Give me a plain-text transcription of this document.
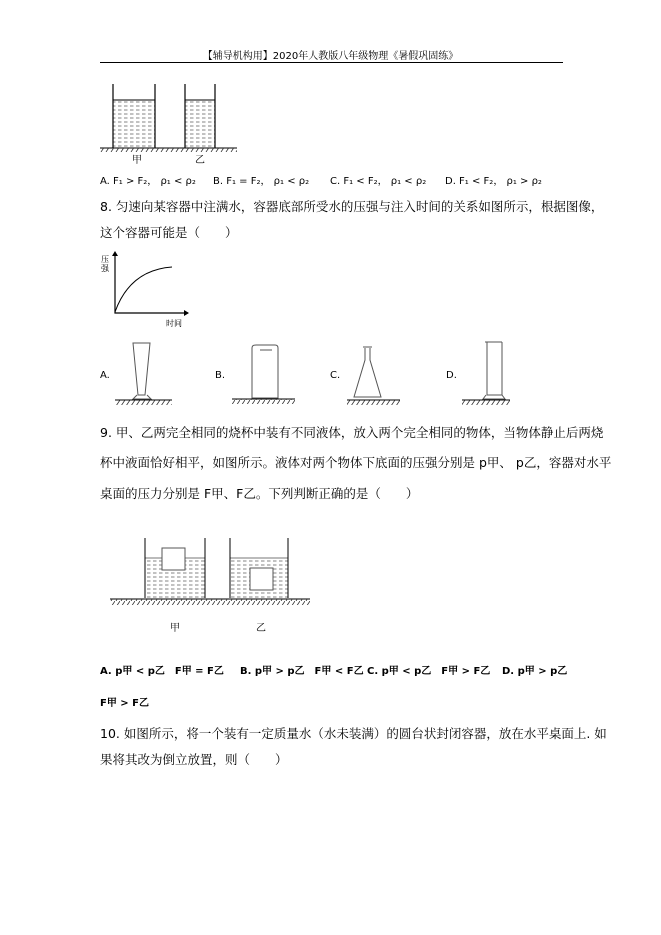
【辅导机构用】2020年人教版八年级物理《暑假巩固练》
甲	乙
A. F₁ > F₂， ρ₁ < ρ₂ B. F₁ = F₂， ρ₁ < ρ₂ C. F₁ < F₂， ρ₁ < ρ₂ D. F₁ < F₂， ρ₁ > ρ₂
8. 匀速向某容器中注满水，容器底部所受水的压强与注入时间的关系如图所示，根据图像，
这个容器可能是（　　）
压强
时间
A.	B.	C.	D.
9. 甲、乙两完全相同的烧杯中装有不同液体，放入两个完全相同的物体，当物体静止后两烧
杯中液面恰好相平，如图所示。液体对两个物体下底面的压强分别是 p甲、 p乙，容器对水平
桌面的压力分别是 F甲、F乙。下列判断正确的是（　　）
甲	乙
A. p甲 < p乙　F甲 = F乙 B. p甲 > p乙　F甲 < F乙 C. p甲 < p乙　F甲 > F乙 D. p甲 > p乙
F甲 > F乙
10. 如图所示，将一个装有一定质量水（水未装满）的圆台状封闭容器，放在水平桌面上. 如
果将其改为倒立放置，则（　　）
